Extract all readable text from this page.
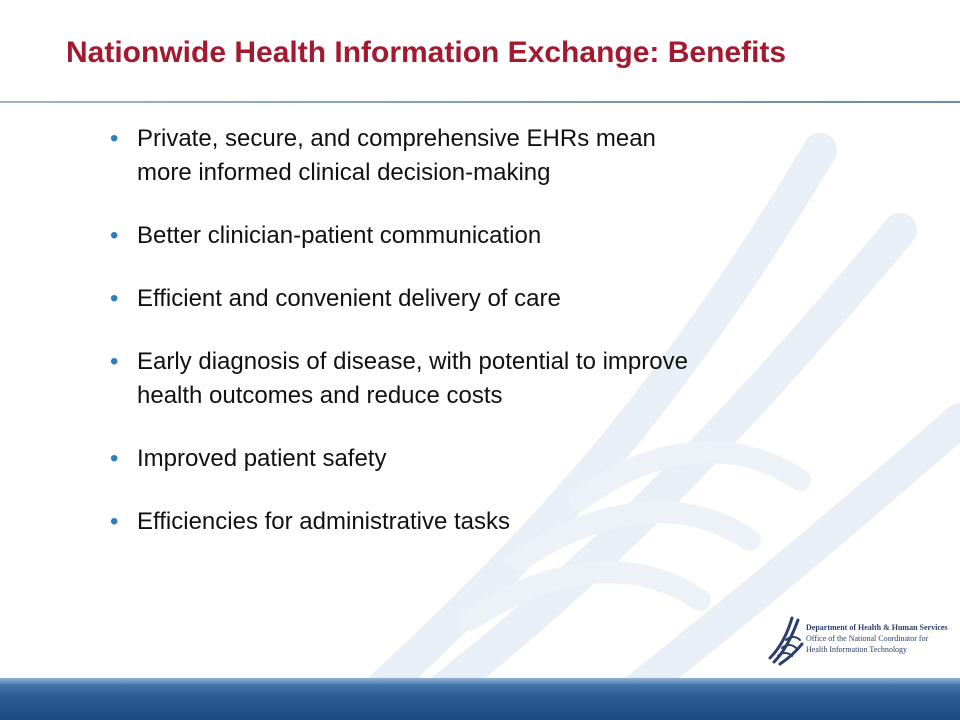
Nationwide Health Information Exchange: Benefits
• Private, secure, and comprehensive EHRs mean
more informed clinical decision-making
• Better clinician-patient communication
• Efficient and convenient delivery of care
• Early diagnosis of disease, with potential to improve
health outcomes and reduce costs
• Improved patient safety
• Efficiencies for administrative tasks
Department of Health & Human Services
Office of the National Coordinator for
Health Information Technology
